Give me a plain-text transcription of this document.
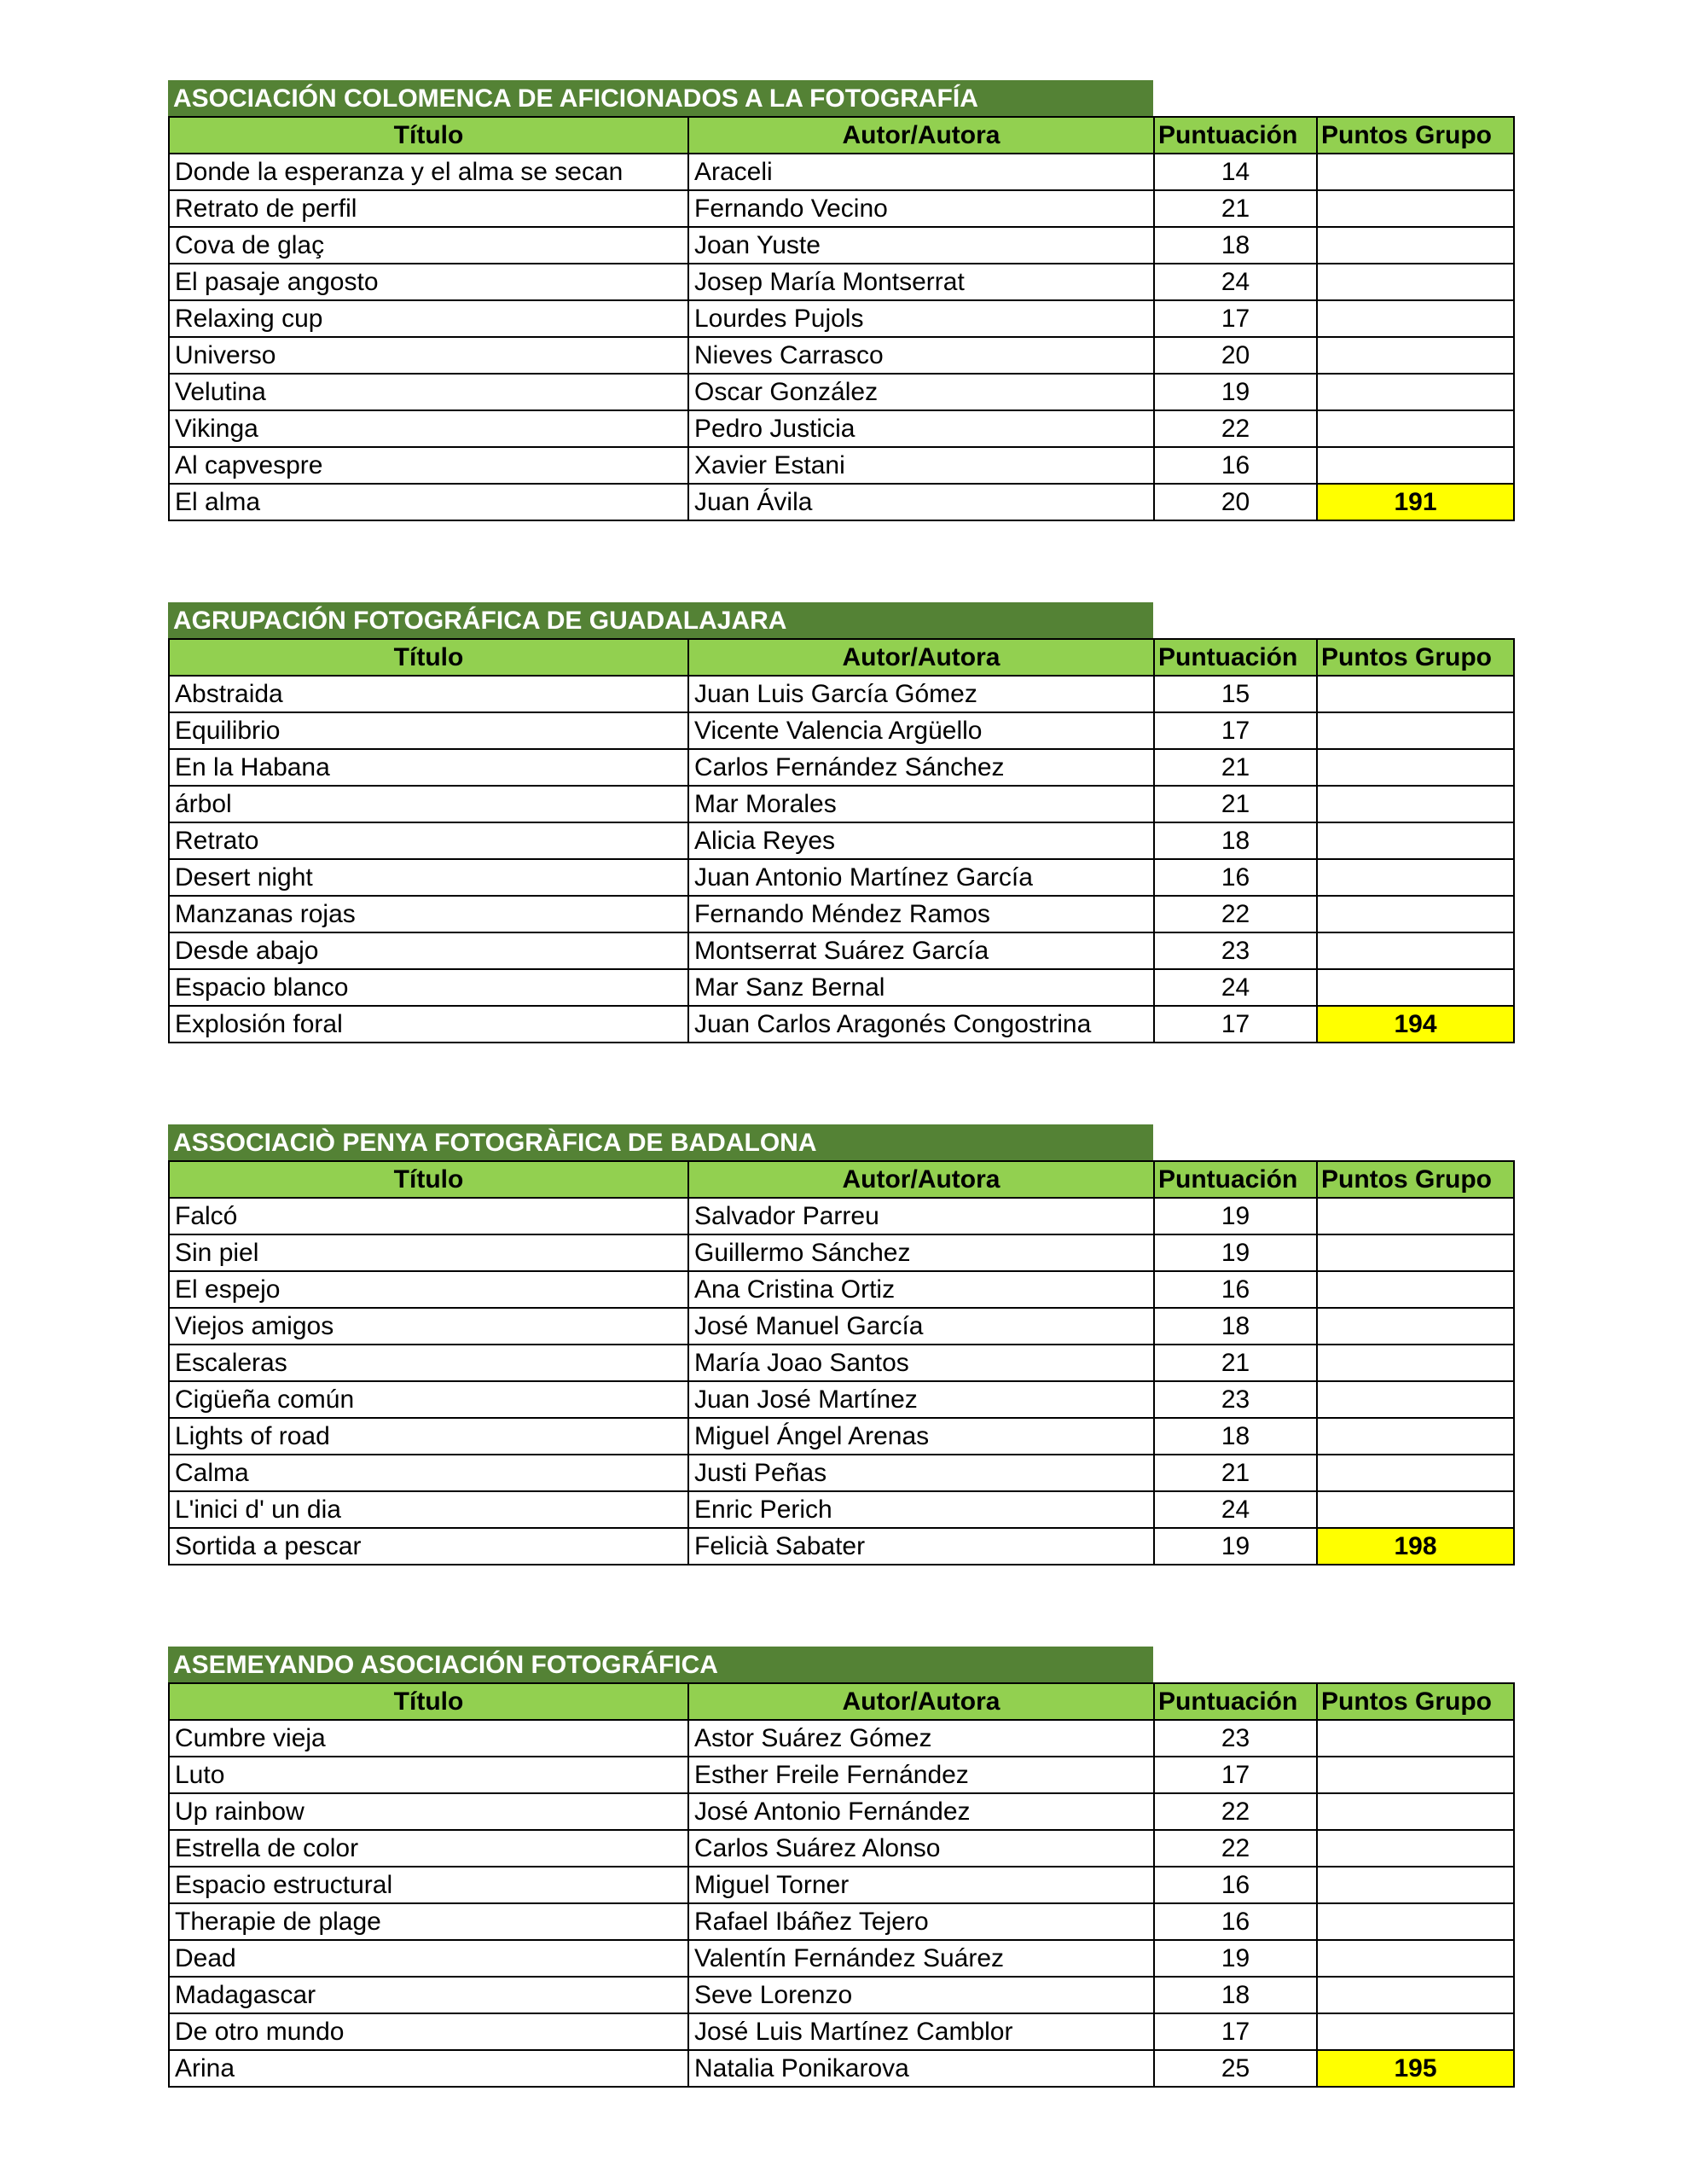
ASOCIACIÓN COLOMENCA DE AFICIONADOS A LA FOTOGRAFÍA
Título	Autor/Autora	Puntuación	Puntos Grupo
Donde la esperanza y el alma se secan	Araceli	14	
Retrato de perfil	Fernando Vecino	21	
Cova de glaç	Joan Yuste	18	
El pasaje angosto	Josep María Montserrat	24	
Relaxing cup	Lourdes Pujols	17	
Universo	Nieves Carrasco	20	
Velutina	Oscar González	19	
Vikinga	Pedro Justicia	22	
Al capvespre	Xavier Estani	16	
El alma	Juan Ávila	20	191
AGRUPACIÓN FOTOGRÁFICA DE GUADALAJARA
Título	Autor/Autora	Puntuación	Puntos Grupo
Abstraida	Juan Luis García Gómez	15	
Equilibrio	Vicente Valencia Argüello	17	
En la Habana	Carlos Fernández Sánchez	21	
árbol	Mar Morales	21	
Retrato	Alicia Reyes	18	
Desert night	Juan Antonio Martínez García	16	
Manzanas rojas	Fernando Méndez Ramos	22	
Desde abajo	Montserrat Suárez García	23	
Espacio blanco	Mar Sanz Bernal	24	
Explosión foral	Juan Carlos Aragonés Congostrina	17	194
ASSOCIACIÒ PENYA FOTOGRÀFICA DE BADALONA
Título	Autor/Autora	Puntuación	Puntos Grupo
Falcó	Salvador Parreu	19	
Sin piel	Guillermo Sánchez	19	
El espejo	Ana Cristina Ortiz	16	
Viejos amigos	José Manuel García	18	
Escaleras	María Joao Santos	21	
Cigüeña común	Juan José Martínez	23	
Lights of road	Miguel Ángel Arenas	18	
Calma	Justi Peñas	21	
L'inici d' un dia	Enric Perich	24	
Sortida a pescar	Felicià Sabater	19	198
ASEMEYANDO ASOCIACIÓN FOTOGRÁFICA
Título	Autor/Autora	Puntuación	Puntos Grupo
Cumbre vieja	Astor Suárez Gómez	23	
Luto	Esther Freile Fernández	17	
Up rainbow	José Antonio Fernández	22	
Estrella de color	Carlos Suárez Alonso	22	
Espacio estructural	Miguel Torner	16	
Therapie de plage	Rafael Ibáñez Tejero	16	
Dead	Valentín Fernández Suárez	19	
Madagascar	Seve Lorenzo	18	
De otro mundo	José Luis Martínez Camblor	17	
Arina	Natalia Ponikarova	25	195
